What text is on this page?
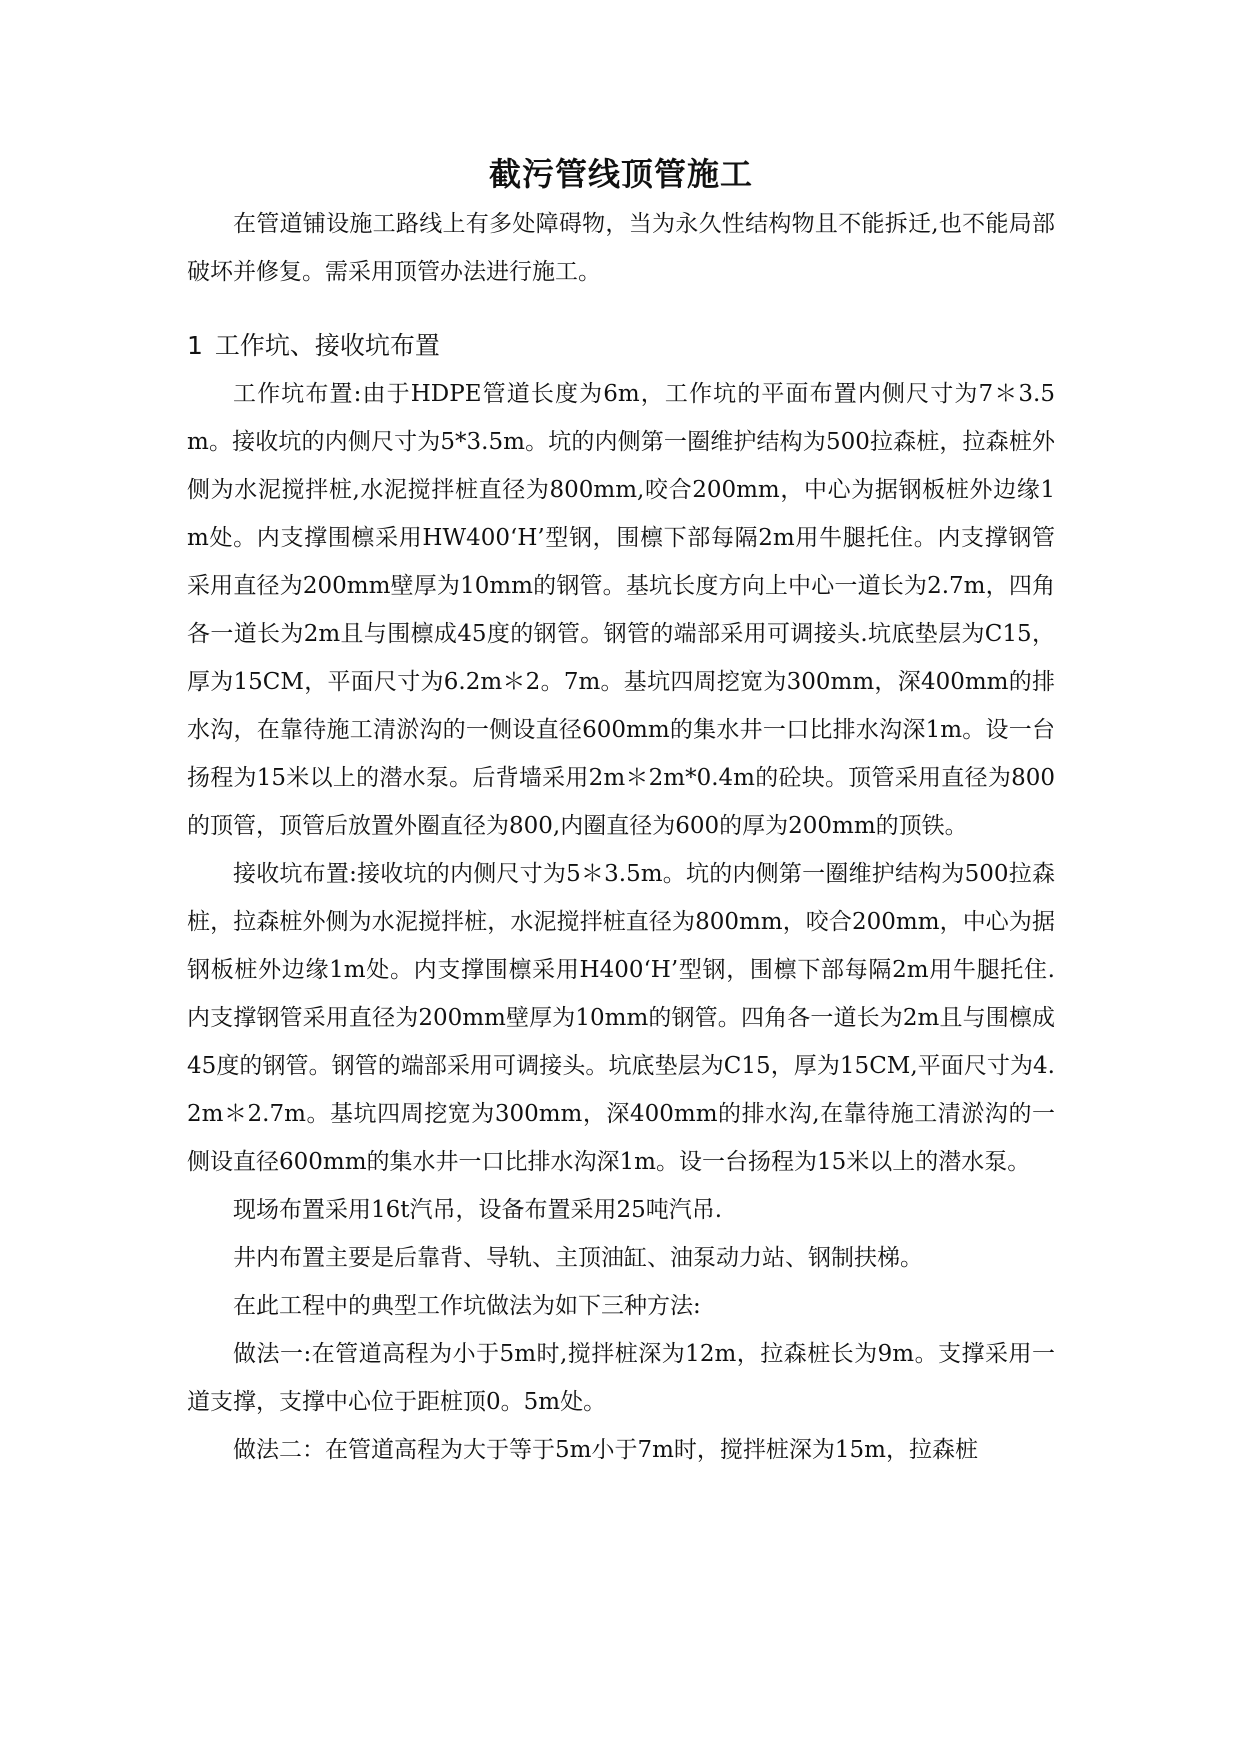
截污管线顶管施工

在管道铺设施工路线上有多处障碍物，当为永久性结构物且不能拆迁,也不能局部破坏并修复。需采用顶管办法进行施工。

1 工作坑、接收坑布置

工作坑布置:由于HDPE管道长度为6m，工作坑的平面布置内侧尺寸为7＊3.5m。接收坑的内侧尺寸为5*3.5m。坑的内侧第一圈维护结构为500拉森桩，拉森桩外侧为水泥搅拌桩,水泥搅拌桩直径为800mm,咬合200mm，中心为据钢板桩外边缘1m处。内支撑围檩采用HW400‘H’型钢，围檩下部每隔2m用牛腿托住。内支撑钢管采用直径为200mm壁厚为10mm的钢管。基坑长度方向上中心一道长为2.7m，四角各一道长为2m且与围檩成45度的钢管。钢管的端部采用可调接头.坑底垫层为C15，厚为15CM，平面尺寸为6.2m＊2。7m。基坑四周挖宽为300mm，深400mm的排水沟，在靠待施工清淤沟的一侧设直径600mm的集水井一口比排水沟深1m。设一台扬程为15米以上的潜水泵。后背墙采用2m＊2m*0.4m的砼块。顶管采用直径为800的顶管，顶管后放置外圈直径为800,内圈直径为600的厚为200mm的顶铁。

接收坑布置:接收坑的内侧尺寸为5＊3.5m。坑的内侧第一圈维护结构为500拉森桩，拉森桩外侧为水泥搅拌桩，水泥搅拌桩直径为800mm，咬合200mm，中心为据钢板桩外边缘1m处。内支撑围檩采用H400‘H’型钢，围檩下部每隔2m用牛腿托住.内支撑钢管采用直径为200mm壁厚为10mm的钢管。四角各一道长为2m且与围檩成45度的钢管。钢管的端部采用可调接头。坑底垫层为C15，厚为15CM,平面尺寸为4.2m＊2.7m。基坑四周挖宽为300mm，深400mm的排水沟,在靠待施工清淤沟的一侧设直径600mm的集水井一口比排水沟深1m。设一台扬程为15米以上的潜水泵。

现场布置采用16t汽吊，设备布置采用25吨汽吊.

井内布置主要是后靠背、导轨、主顶油缸、油泵动力站、钢制扶梯。

在此工程中的典型工作坑做法为如下三种方法:

做法一:在管道高程为小于5m时,搅拌桩深为12m，拉森桩长为9m。支撑采用一道支撑，支撑中心位于距桩顶0。5m处。

做法二：在管道高程为大于等于5m小于7m时，搅拌桩深为15m，拉森桩
